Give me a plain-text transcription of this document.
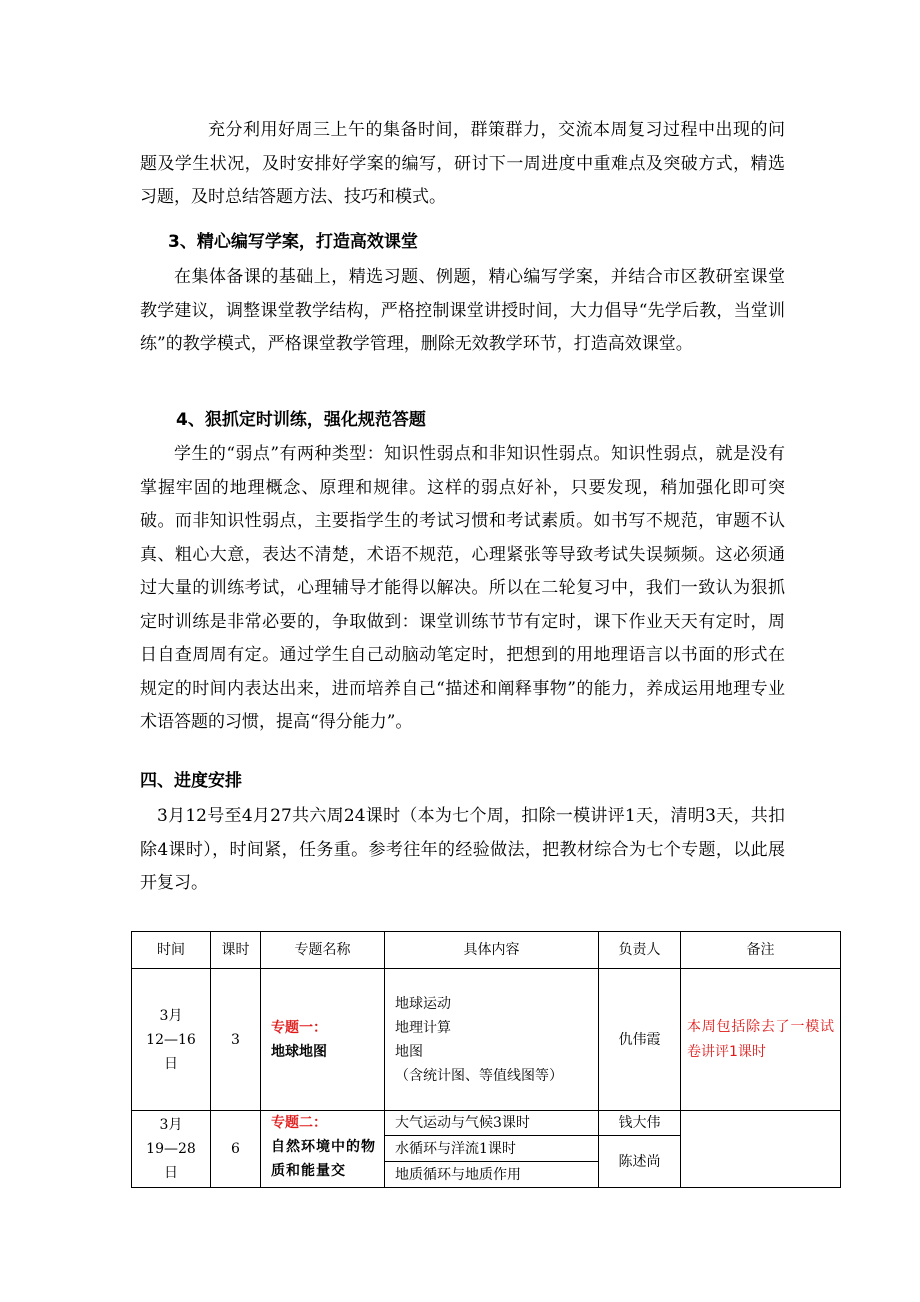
充分利用好周三上午的集备时间，群策群力，交流本周复习过程中出现的问题及学生状况，及时安排好学案的编写，研讨下一周进度中重难点及突破方式，精选习题，及时总结答题方法、技巧和模式。

3、精心编写学案，打造高效课堂

在集体备课的基础上，精选习题、例题，精心编写学案，并结合市区教研室课堂教学建议，调整课堂教学结构，严格控制课堂讲授时间，大力倡导“先学后教，当堂训练”的教学模式，严格课堂教学管理，删除无效教学环节，打造高效课堂。

4、狠抓定时训练，强化规范答题

学生的“弱点”有两种类型：知识性弱点和非知识性弱点。知识性弱点，就是没有掌握牢固的地理概念、原理和规律。这样的弱点好补，只要发现，稍加强化即可突破。而非知识性弱点，主要指学生的考试习惯和考试素质。如书写不规范，审题不认真、粗心大意，表达不清楚，术语不规范，心理紧张等导致考试失误频频。这必须通过大量的训练考试，心理辅导才能得以解决。所以在二轮复习中，我们一致认为狠抓定时训练是非常必要的，争取做到：课堂训练节节有定时，课下作业天天有定时，周日自查周周有定。通过学生自己动脑动笔定时，把想到的用地理语言以书面的形式在规定的时间内表达出来，进而培养自己“描述和阐释事物”的能力，养成运用地理专业术语答题的习惯，提高“得分能力”。

四、进度安排

3月12号至4月27共六周24课时（本为七个周，扣除一模讲评1天，清明3天，共扣除4课时），时间紧，任务重。参考往年的经验做法，把教材综合为七个专题，以此展开复习。

时间	课时	专题名称	具体内容	负责人	备注

3月
12—16
日	3	专题一：
地球地图	地球运动
地理计算
地图
（含统计图、等值线图等）	仇伟霞	本周包括除去了一模试卷讲评1课时

3月
19—28
日	6	专题二：
自然环境中的物质和能量交	大气运动与气候3课时	钱大伟	
			水循环与洋流1课时	陈述尚	
			地质循环与地质作用		
